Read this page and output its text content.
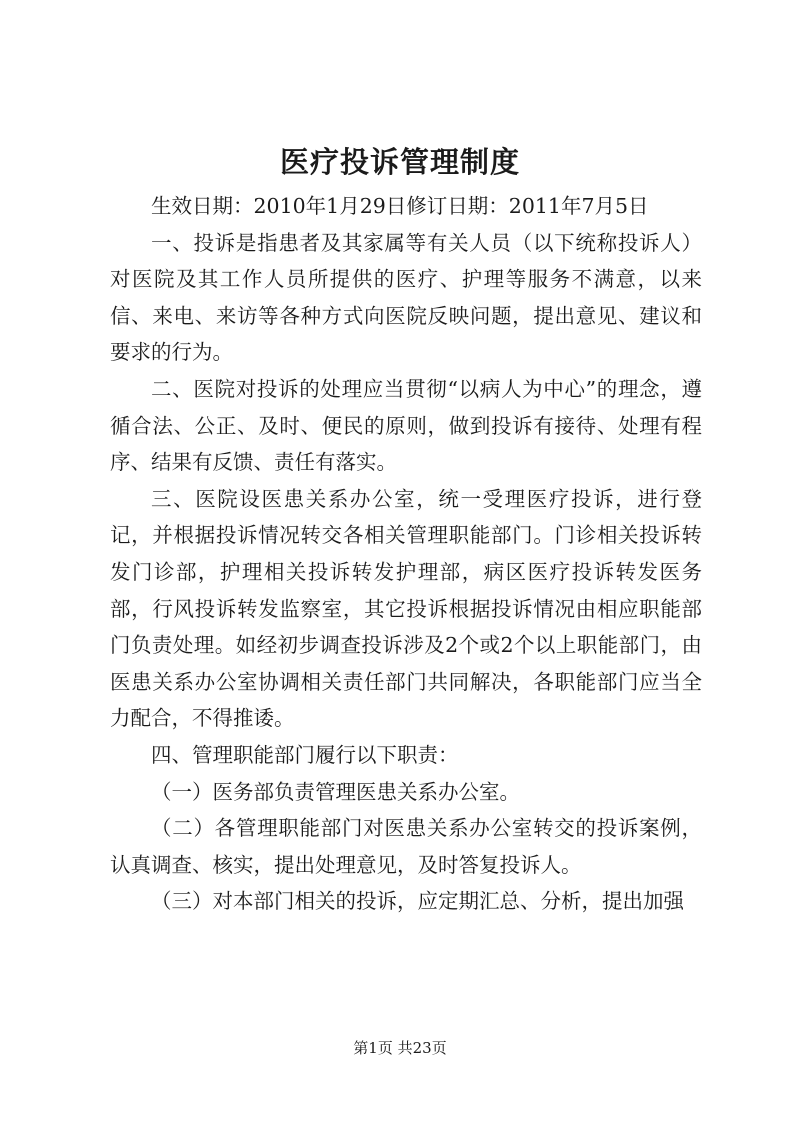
医疗投诉管理制度

生效日期：2010年1月29日修订日期：2011年7月5日

一、投诉是指患者及其家属等有关人员（以下统称投诉人）对医院及其工作人员所提供的医疗、护理等服务不满意，以来信、来电、来访等各种方式向医院反映问题，提出意见、建议和要求的行为。

二、医院对投诉的处理应当贯彻“以病人为中心”的理念，遵循合法、公正、及时、便民的原则，做到投诉有接待、处理有程序、结果有反馈、责任有落实。

三、医院设医患关系办公室，统一受理医疗投诉，进行登记，并根据投诉情况转交各相关管理职能部门。门诊相关投诉转发门诊部，护理相关投诉转发护理部，病区医疗投诉转发医务部，行风投诉转发监察室，其它投诉根据投诉情况由相应职能部门负责处理。如经初步调查投诉涉及2个或2个以上职能部门，由医患关系办公室协调相关责任部门共同解决，各职能部门应当全力配合，不得推诿。

四、管理职能部门履行以下职责：

（一）医务部负责管理医患关系办公室。

（二）各管理职能部门对医患关系办公室转交的投诉案例，认真调查、核实，提出处理意见，及时答复投诉人。

（三）对本部门相关的投诉，应定期汇总、分析，提出加强

第1页 共23页
